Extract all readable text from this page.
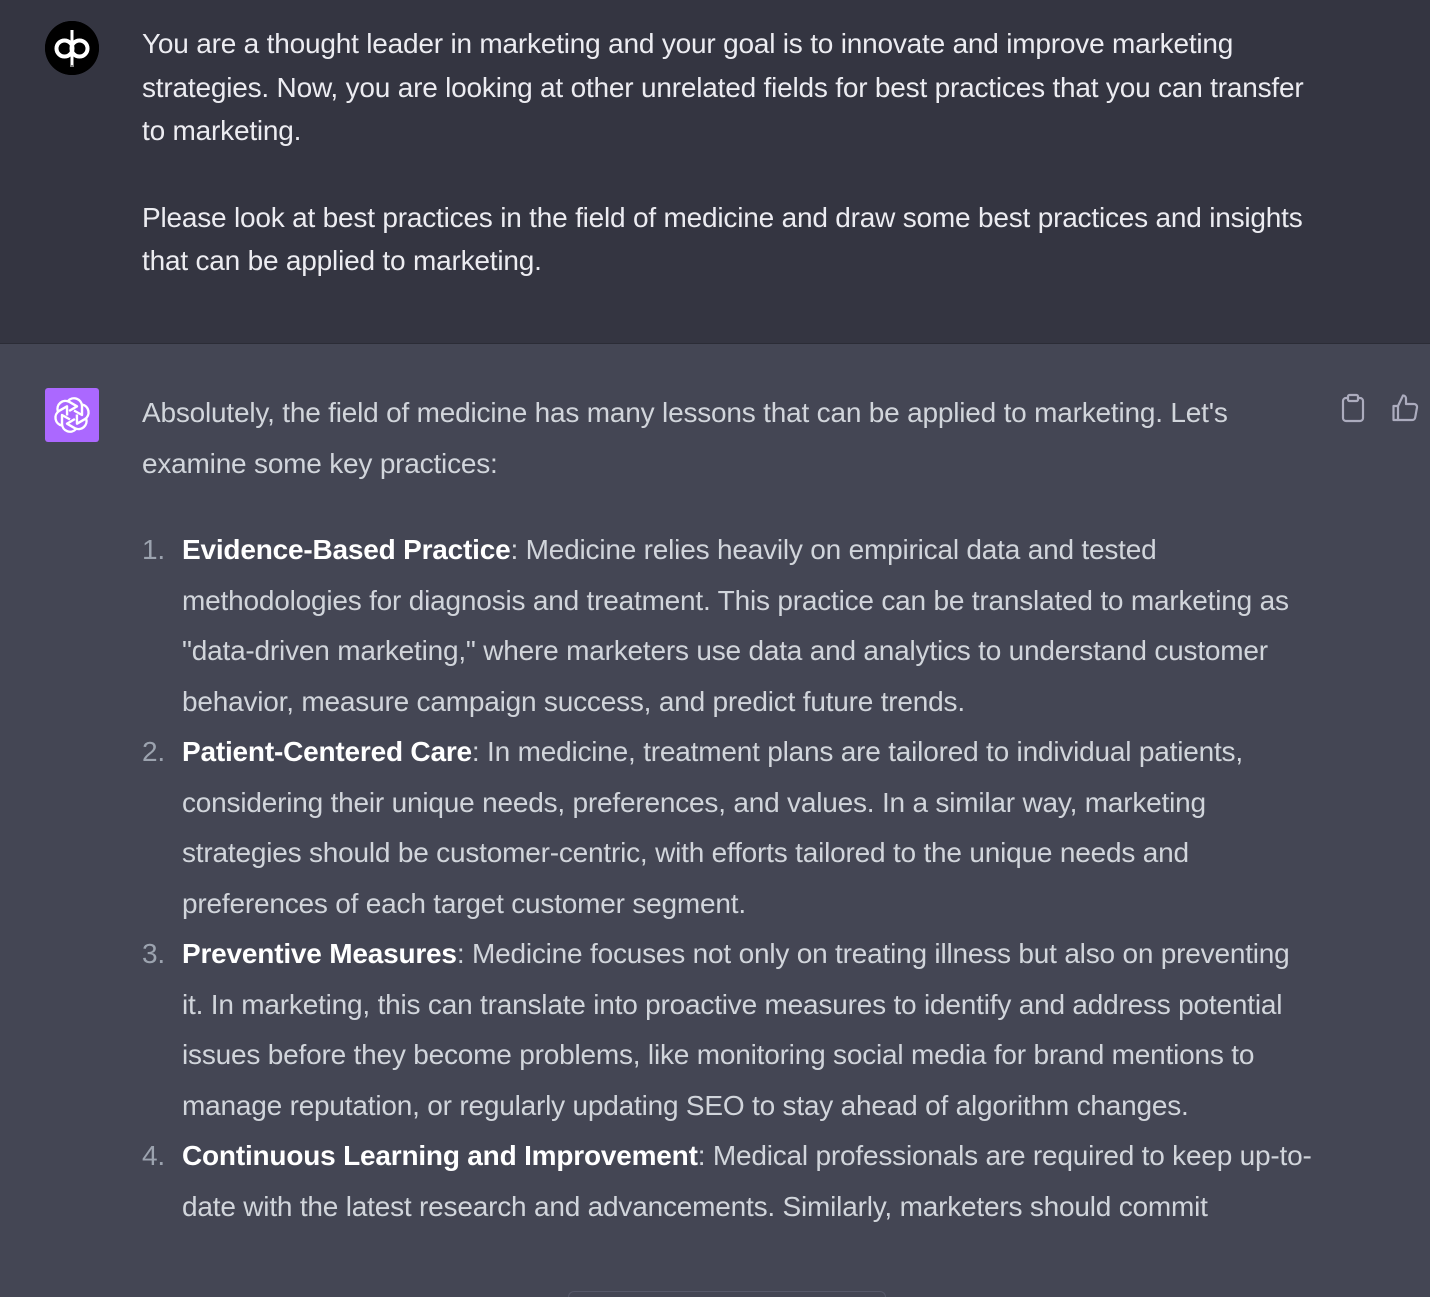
You are a thought leader in marketing and your goal is to innovate and improve marketing strategies. Now, you are looking at other unrelated fields for best practices that you can transfer to marketing.

Please look at best practices in the field of medicine and draw some best practices and insights that can be applied to marketing.

Absolutely, the field of medicine has many lessons that can be applied to marketing. Let's examine some key practices:

1. Evidence-Based Practice: Medicine relies heavily on empirical data and tested methodologies for diagnosis and treatment. This practice can be translated to marketing as "data-driven marketing," where marketers use data and analytics to understand customer behavior, measure campaign success, and predict future trends.
2. Patient-Centered Care: In medicine, treatment plans are tailored to individual patients, considering their unique needs, preferences, and values. In a similar way, marketing strategies should be customer-centric, with efforts tailored to the unique needs and preferences of each target customer segment.
3. Preventive Measures: Medicine focuses not only on treating illness but also on preventing it. In marketing, this can translate into proactive measures to identify and address potential issues before they become problems, like monitoring social media for brand mentions to manage reputation, or regularly updating SEO to stay ahead of algorithm changes.
4. Continuous Learning and Improvement: Medical professionals are required to keep up-to-date with the latest research and advancements. Similarly, marketers should commit
